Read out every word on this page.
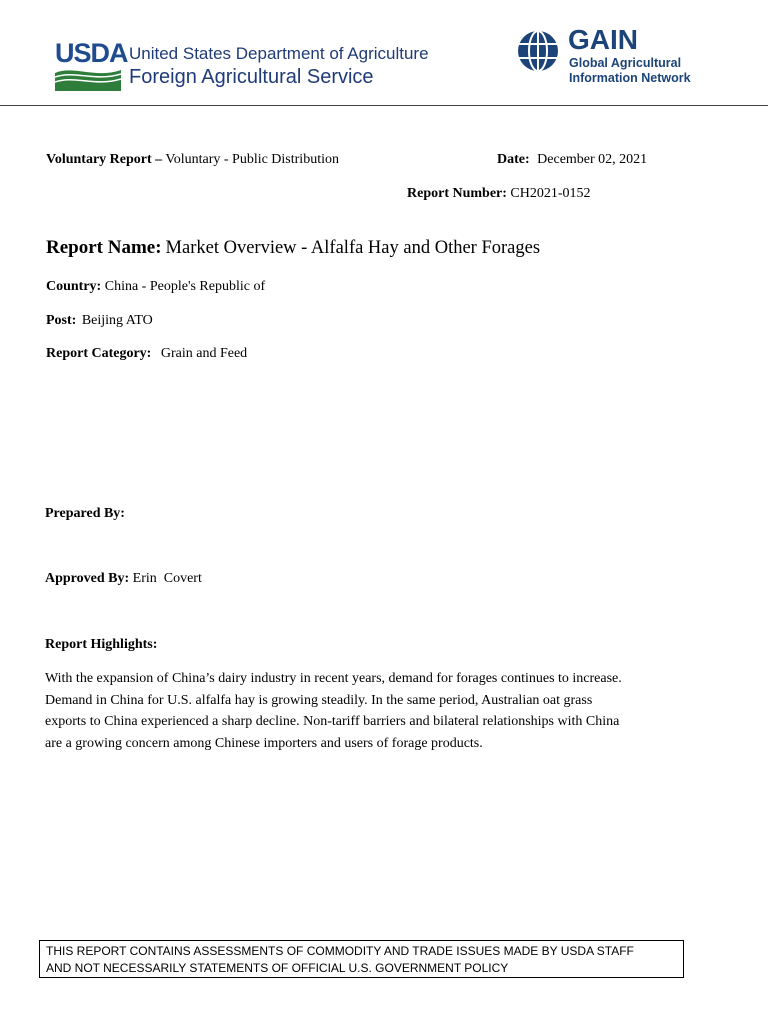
USDA United States Department of Agriculture
Foreign Agricultural Service
GAIN
Global Agricultural
Information Network
Voluntary Report – Voluntary - Public Distribution	Date: December 02, 2021
Report Number: CH2021-0152
Report Name: Market Overview - Alfalfa Hay and Other Forages
Country: China - People's Republic of
Post: Beijing ATO
Report Category: Grain and Feed
Prepared By:
Approved By: Erin  Covert
Report Highlights:
With the expansion of China’s dairy industry in recent years, demand for forages continues to increase.
Demand in China for U.S. alfalfa hay is growing steadily. In the same period, Australian oat grass
exports to China experienced a sharp decline. Non-tariff barriers and bilateral relationships with China
are a growing concern among Chinese importers and users of forage products.
THIS REPORT CONTAINS ASSESSMENTS OF COMMODITY AND TRADE ISSUES MADE BY USDA STAFF
AND NOT NECESSARILY STATEMENTS OF OFFICIAL U.S. GOVERNMENT POLICY
